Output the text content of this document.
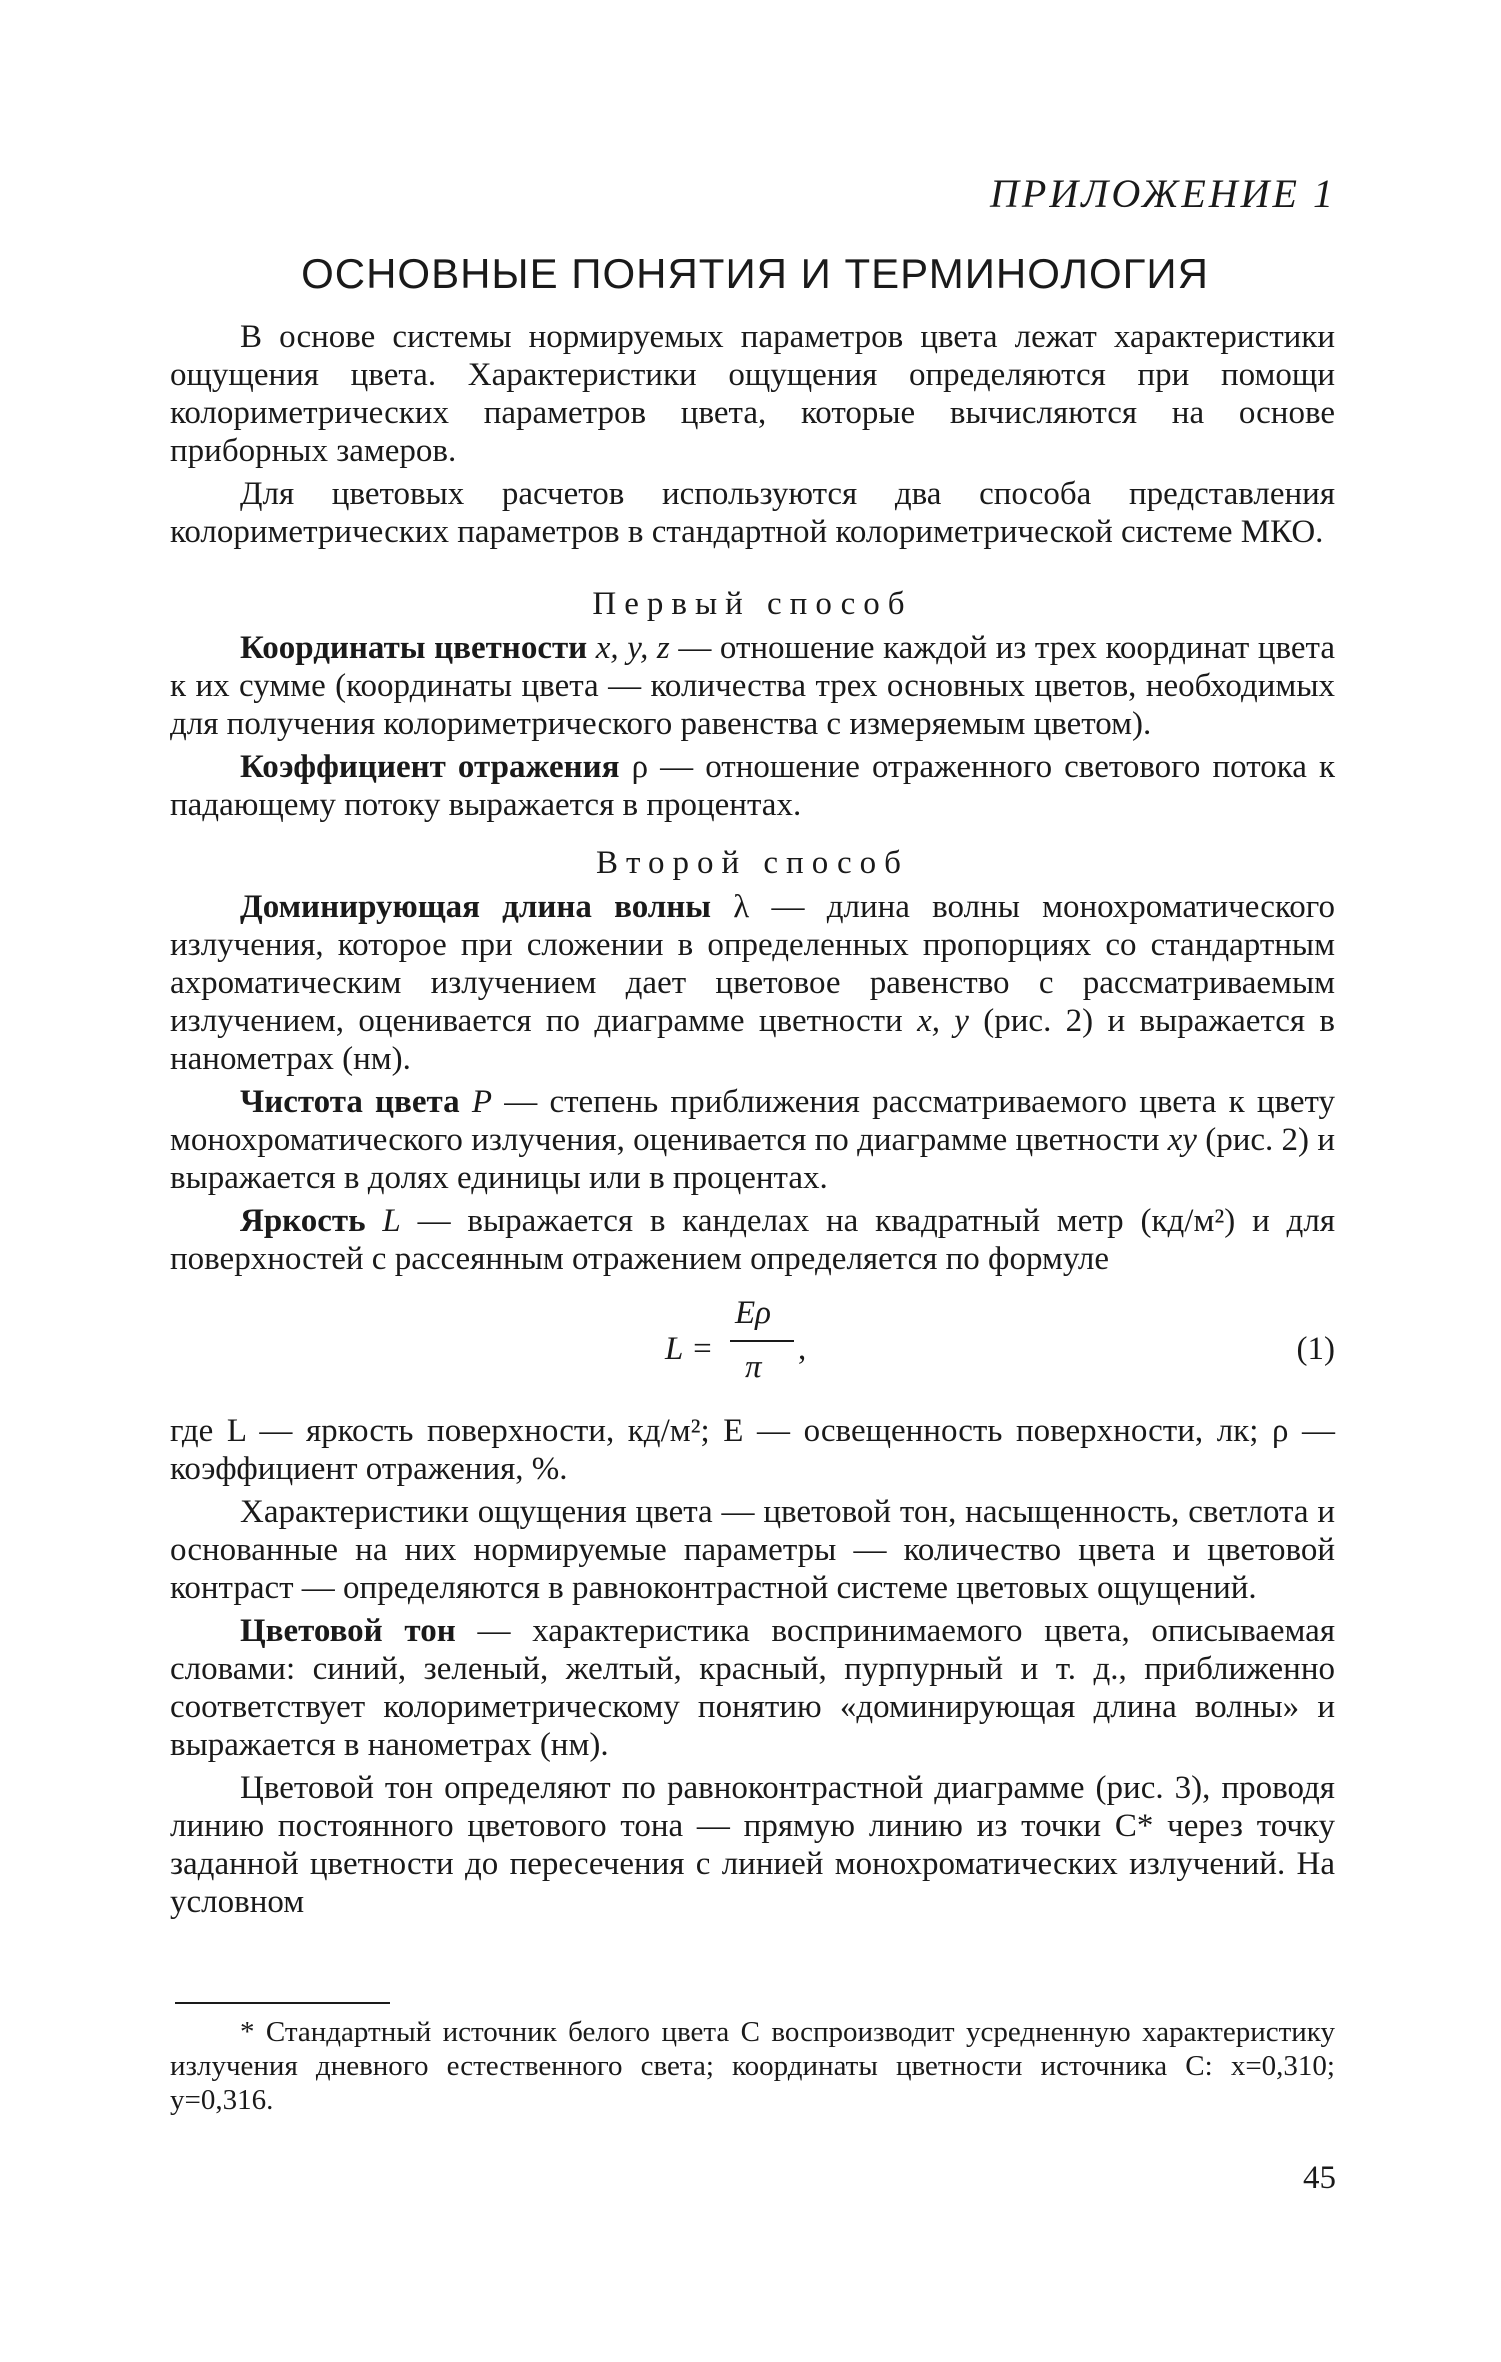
ПРИЛОЖЕНИЕ 1
ОСНОВНЫЕ ПОНЯТИЯ И ТЕРМИНОЛОГИЯ

В основе системы нормируемых параметров цвета лежат характеристики ощущения цвета. Характеристики ощущения определяются при помощи колориметрических параметров цвета, которые вычисляются на основе приборных замеров.

Для цветовых расчетов используются два способа представления колориметрических параметров в стандартной колориметрической системе МКО.

Первый способ

Координаты цветности x, y, z — отношение каждой из трех координат цвета к их сумме (координаты цвета — количества трех основных цветов, необходимых для получения колориметрического равенства с измеряемым цветом).

Коэффициент отражения ρ — отношение отраженного светового потока к падающему потоку выражается в процентах.

Второй способ

Доминирующая длина волны λ — длина волны монохроматического излучения, которое при сложении в определенных пропорциях со стандартным ахроматическим излучением дает цветовое равенство с рассматриваемым излучением, оценивается по диаграмме цветности x, y (рис. 2) и выражается в нанометрах (нм).

Чистота цвета P — степень приближения рассматриваемого цвета к цвету монохроматического излучения, оценивается по диаграмме цветности xy (рис. 2) и выражается в долях единицы или в процентах.

Яркость L — выражается в канделах на квадратный метр (кд/м²) и для поверхностей с рассеянным отражением определяется по формуле

L =
Eρ
π ,	(1)

где L — яркость поверхности, кд/м²; E — освещенность поверхности, лк; ρ — коэффициент отражения, %.

Характеристики ощущения цвета — цветовой тон, насыщенность, светлота и основанные на них нормируемые параметры — количество цвета и цветовой контраст — определяются в равноконтрастной системе цветовых ощущений.

Цветовой тон — характеристика воспринимаемого цвета, описываемая словами: синий, зеленый, желтый, красный, пурпурный и т. д., приближенно соответствует колориметрическому понятию «доминирующая длина волны» и выражается в нанометрах (нм).

Цветовой тон определяют по равноконтрастной диаграмме (рис. 3), проводя линию постоянного цветового тона — прямую линию из точки C* через точку заданной цветности до пересечения с линией монохроматических излучений. На условном

* Стандартный источник белого цвета C воспроизводит усредненную характеристику излучения дневного естественного света; координаты цветности источника C: x=0,310; y=0,316.
45
